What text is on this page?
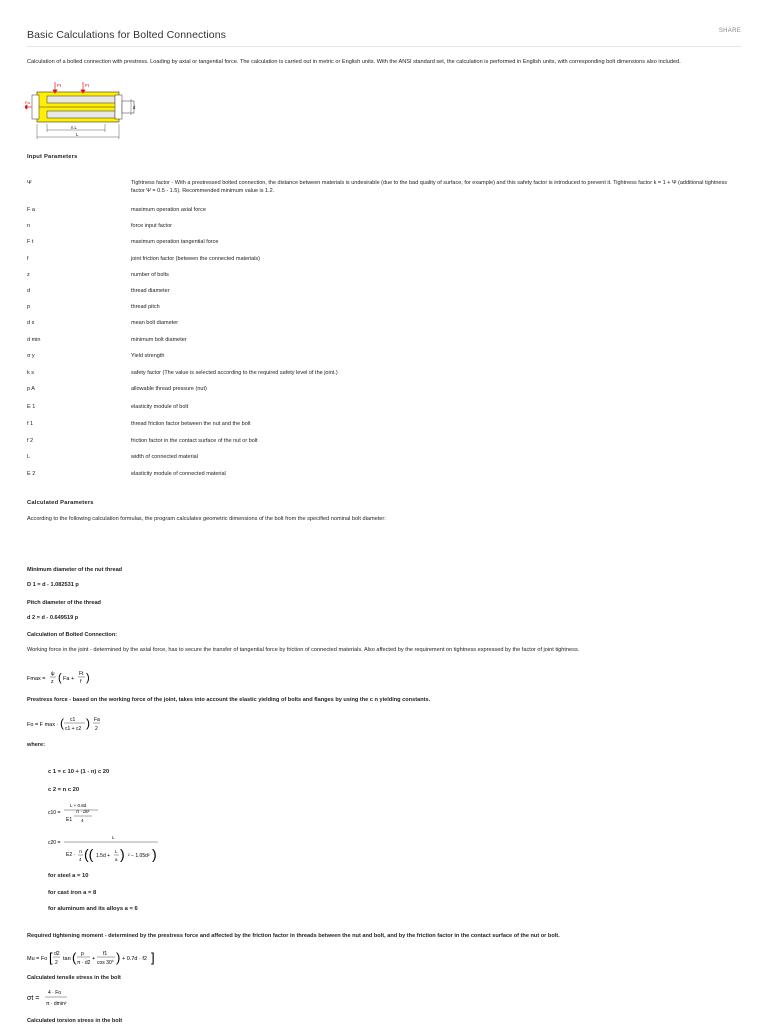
Basic Calculations for Bolted Connections	SHARE
Calculation of a bolted connection with prestress. Loading by axial or tangential force. The calculation is carried out in metric or English units. With the ANSI standard set, the calculation is performed in English units, with corresponding bolt dimensions also included.
Ft	Ft
Fa
n.L
L
d
Input Parameters
Ψ	Tightness factor - With a prestressed bolted connection, the distance between materials is undesirable (due to the bad quality of surface, for example) and this safety factor is introduced to prevent it. Tightness factor k = 1 + Ψ (additional tightness factor Ψ = 0.5 - 1.5). Recommended minimum value is 1.2.
F a	maximum operation axial force
n	force input factor
F t	maximum operation tangential force
f	joint friction factor (between the connected materials)
z	number of bolts
d	thread diameter
p	thread pitch
d s	mean bolt diameter
d min	minimum bolt diameter
σ y	Yield strength
k s	safety factor (The value is selected according to the required safety level of the joint.)
p A	allowable thread pressure (nut)
E 1	elasticity module of bolt
f 1	thread friction factor between the nut and the bolt
f 2	friction factor in the contact surface of the nut or bolt
L	width of connected material
E 2	elasticity module of connected material
Calculated Parameters
According to the following calculation formulas, the program calculates geometric dimensions of the bolt from the specified nominal bolt diameter:
Minimum diameter of the nut thread
D 1 = d - 1.082531 p
Pitch diameter of the thread
d 2 = d - 0.649519 p
Calculation of Bolted Connection:
Working force in the joint - determined by the axial force, has to secure the transfer of tangential force by friction of connected materials. Also affected by the requirement on tightness expressed by the factor of joint tightness.
Fmax =
ψ
z ( Fa +
Ft
f )
Prestress force - based on the working force of the joint, takes into account the elastic yielding of bolts and flanges by using the c n yielding constants.
Fo = F max · ( c1
c1 + c2 ) Fa
2
where:
c 1 = c 10 + (1 - n) c 20
c 2 = n c 20
c10 =
L + 0.8d
E1
π · ds²
4
c20 =
L
E2 ·
π
4 (( 1.5d +
L
a ) ² − 1.05d² )
for steel a = 10
for cast iron a = 8
for aluminum and its alloys a = 6
Required tightening moment - determined by the prestress force and affected by the friction factor in threads between the nut and bolt, and by the friction factor in the contact surface of the nut or bolt.
Mu = Fo [ d2
2
tan ( p
π · d2
+
f1
cos 30° ) + 0.7d · f2 ]
Calculated tensile stress in the bolt
σt =
4 · Fo
π · dmin²
Calculated torsion stress in the bolt
